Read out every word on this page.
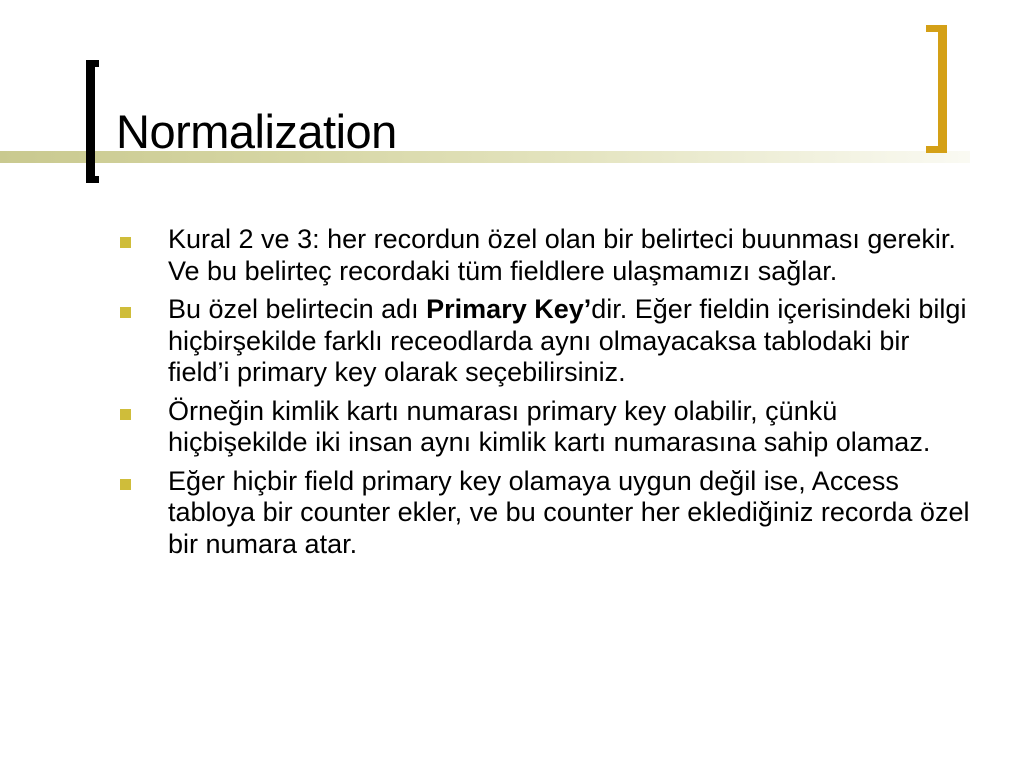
Normalization
Kural 2 ve 3: her recordun özel olan bir belirteci buunması gerekir. Ve bu belirteç recordaki tüm fieldlere ulaşmamızı sağlar.
Bu özel belirtecin adı Primary Key’dir. Eğer fieldin içerisindeki bilgi hiçbirşekilde farklı receodlarda aynı olmayacaksa tablodaki bir field’i primary key olarak seçebilirsiniz.
Örneğin kimlik kartı numarası primary key olabilir, çünkü hiçbişekilde iki insan aynı kimlik kartı numarasına sahip olamaz.
Eğer hiçbir field primary key olamaya uygun değil ise, Access tabloya bir counter ekler, ve bu counter her eklediğiniz recorda özel bir numara atar.
